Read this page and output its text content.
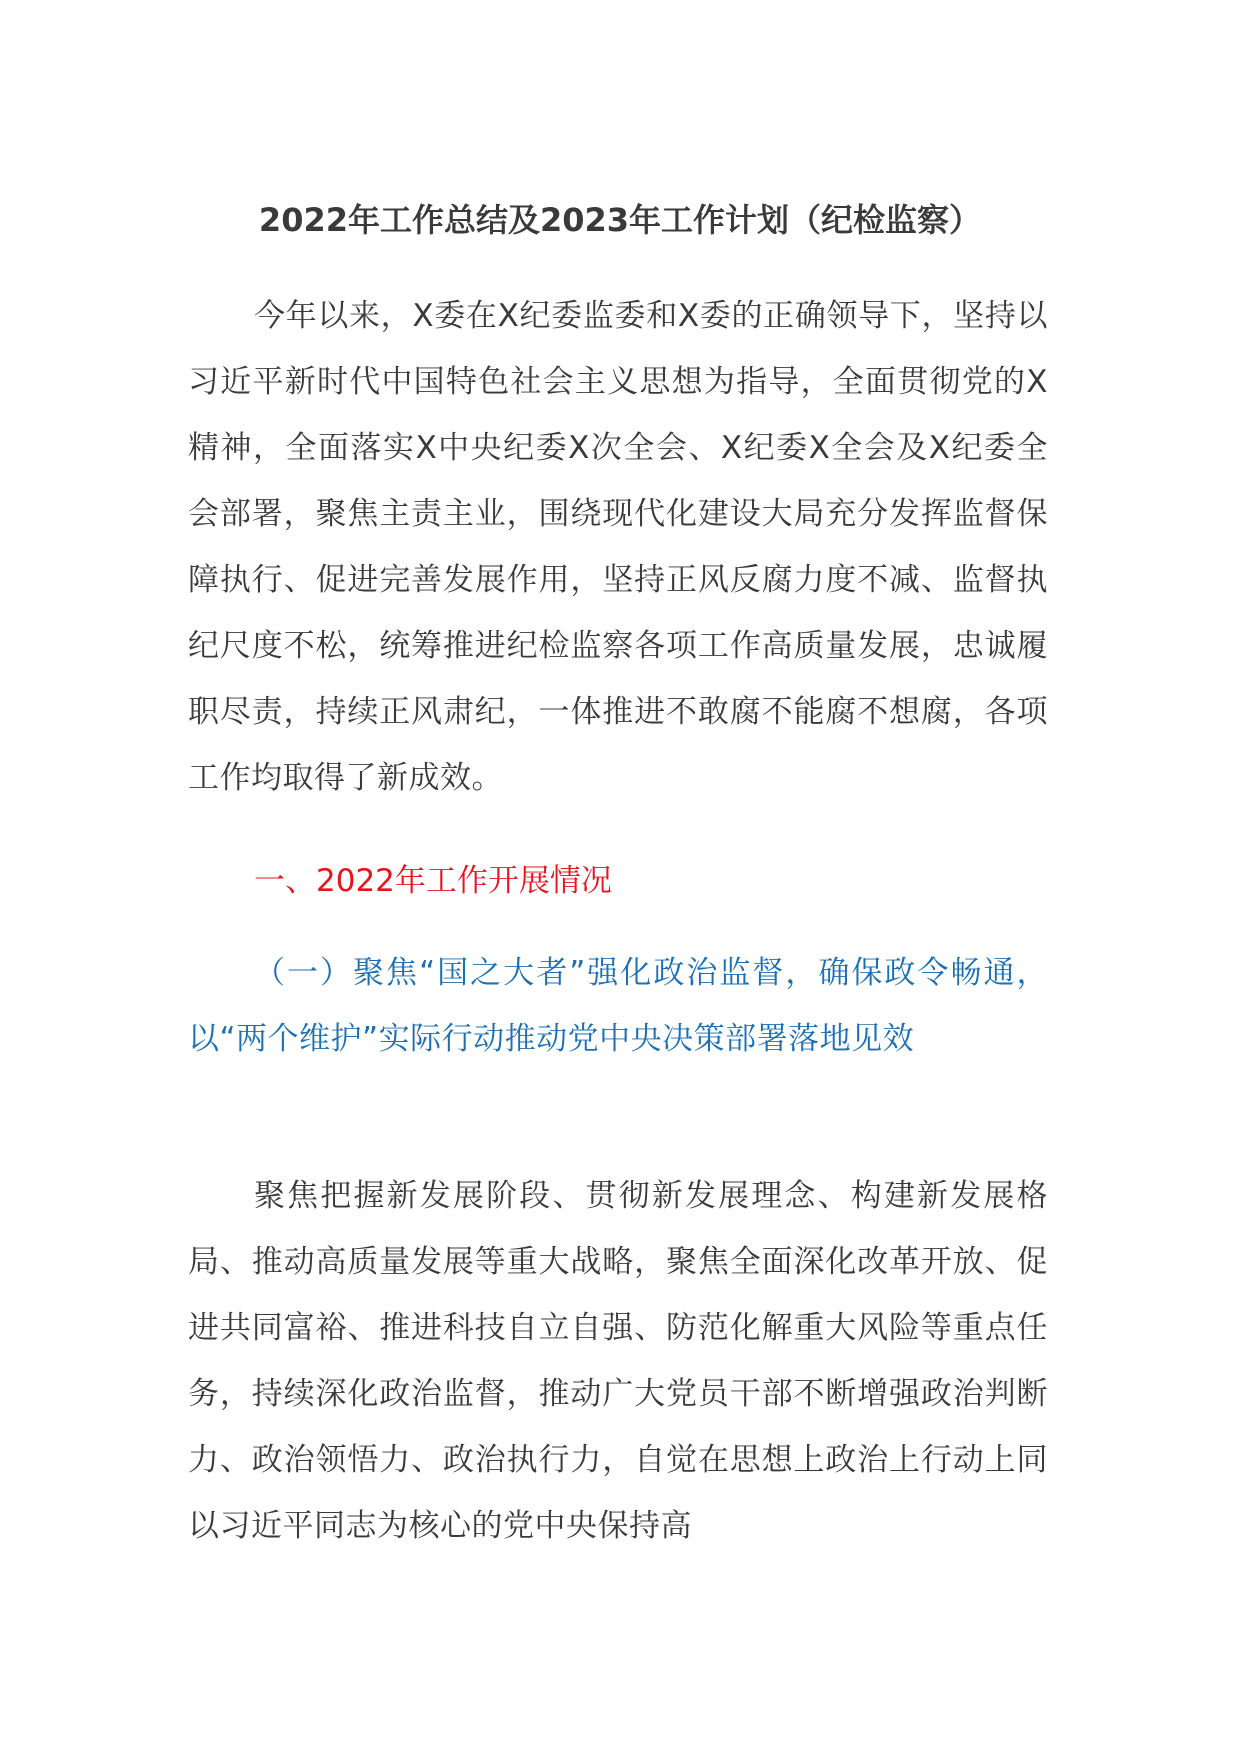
2022年工作总结及2023年工作计划（纪检监察）

今年以来，X委在X纪委监委和X委的正确领导下，坚持以习近平新时代中国特色社会主义思想为指导，全面贯彻党的X精神，全面落实X中央纪委X次全会、X纪委X全会及X纪委全会部署，聚焦主责主业，围绕现代化建设大局充分发挥监督保障执行、促进完善发展作用，坚持正风反腐力度不减、监督执纪尺度不松，统筹推进纪检监察各项工作高质量发展，忠诚履职尽责，持续正风肃纪，一体推进不敢腐不能腐不想腐，各项工作均取得了新成效。

一、2022年工作开展情况

（一）聚焦“国之大者”强化政治监督，确保政令畅通，以“两个维护”实际行动推动党中央决策部署落地见效

聚焦把握新发展阶段、贯彻新发展理念、构建新发展格局、推动高质量发展等重大战略，聚焦全面深化改革开放、促进共同富裕、推进科技自立自强、防范化解重大风险等重点任务，持续深化政治监督，推动广大党员干部不断增强政治判断力、政治领悟力、政治执行力，自觉在思想上政治上行动上同以习近平同志为核心的党中央保持高
